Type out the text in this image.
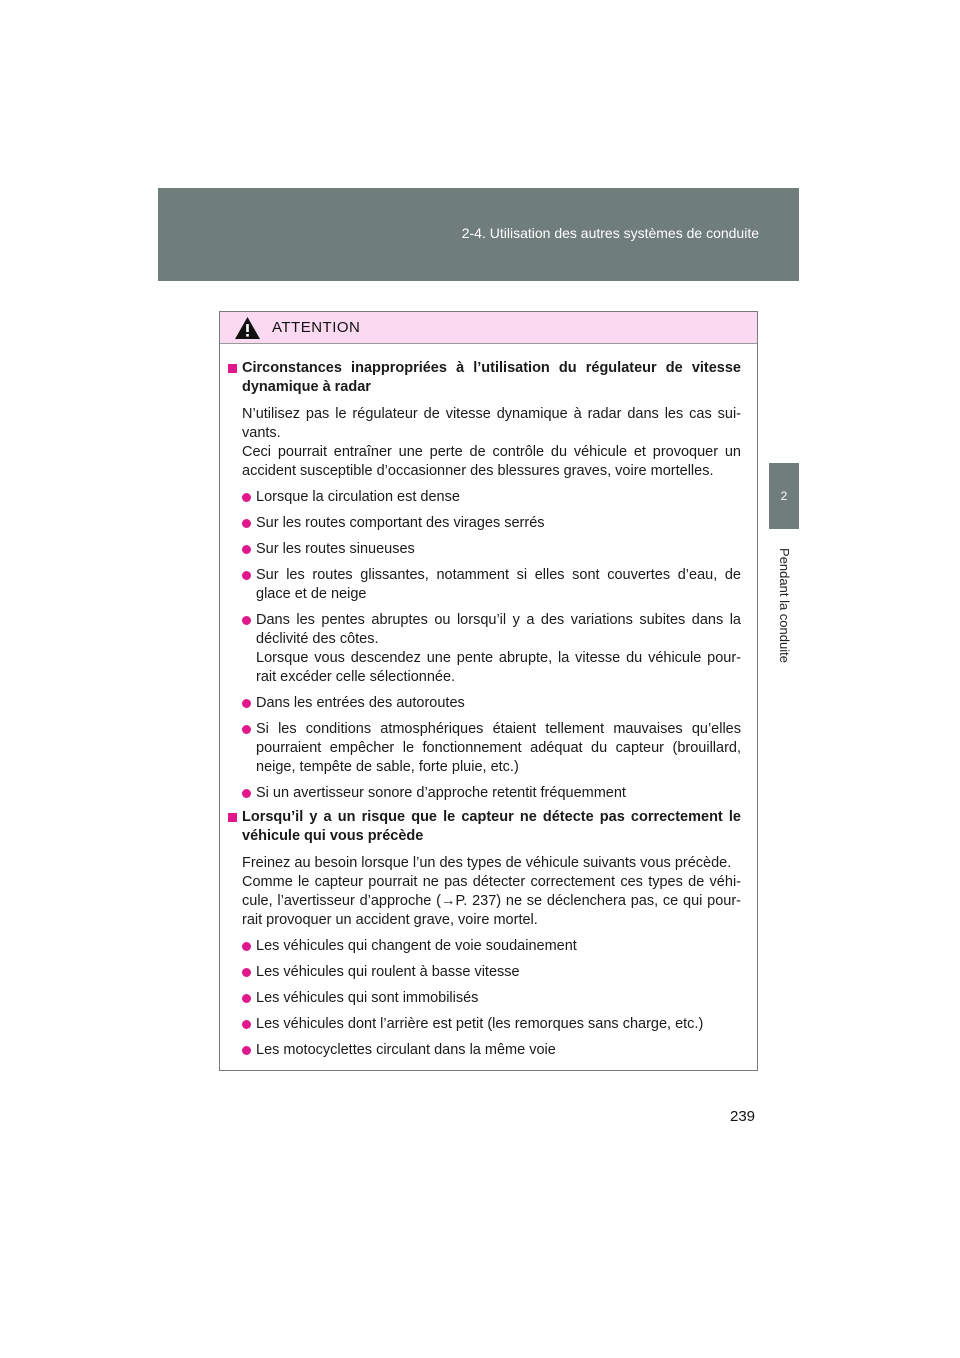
2-4. Utilisation des autres systèmes de conduite
2
Pendant la conduite
ATTENTION
Circonstances inappropriées à l’utilisation du régulateur de vitesse dynamique à radar
N’utilisez pas le régulateur de vitesse dynamique à radar dans les cas sui-vants.
Ceci pourrait entraîner une perte de contrôle du véhicule et provoquer un accident susceptible d’occasionner des blessures graves, voire mortelles.
Lorsque la circulation est dense
Sur les routes comportant des virages serrés
Sur les routes sinueuses
Sur les routes glissantes, notamment si elles sont couvertes d’eau, de glace et de neige
Dans les pentes abruptes ou lorsqu’il y a des variations subites dans la déclivité des côtes.
Lorsque vous descendez une pente abrupte, la vitesse du véhicule pour-rait excéder celle sélectionnée.
Dans les entrées des autoroutes
Si les conditions atmosphériques étaient tellement mauvaises qu’elles pourraient empêcher le fonctionnement adéquat du capteur (brouillard, neige, tempête de sable, forte pluie, etc.)
Si un avertisseur sonore d’approche retentit fréquemment
Lorsqu’il y a un risque que le capteur ne détecte pas correctement le véhicule qui vous précède
Freinez au besoin lorsque l’un des types de véhicule suivants vous précède.
Comme le capteur pourrait ne pas détecter correctement ces types de véhi-cule, l’avertisseur d’approche (→P. 237) ne se déclenchera pas, ce qui pour-rait provoquer un accident grave, voire mortel.
Les véhicules qui changent de voie soudainement
Les véhicules qui roulent à basse vitesse
Les véhicules qui sont immobilisés
Les véhicules dont l’arrière est petit (les remorques sans charge, etc.)
Les motocyclettes circulant dans la même voie
239
